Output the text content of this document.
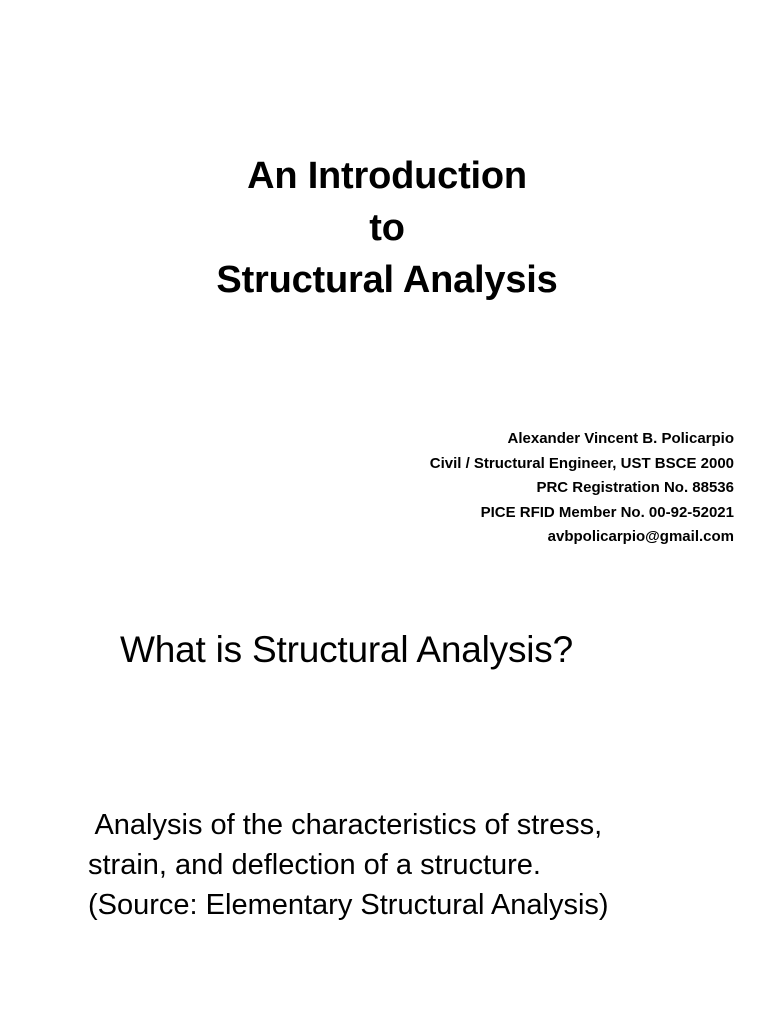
An Introduction
to
Structural Analysis
Alexander Vincent B. Policarpio
Civil / Structural Engineer, UST BSCE 2000
PRC Registration No. 88536
PICE RFID Member No. 00-92-52021
avbpolicarpio@gmail.com
What is Structural Analysis?
Analysis of the characteristics of stress,
strain, and deflection of a structure.
(Source: Elementary Structural Analysis)
